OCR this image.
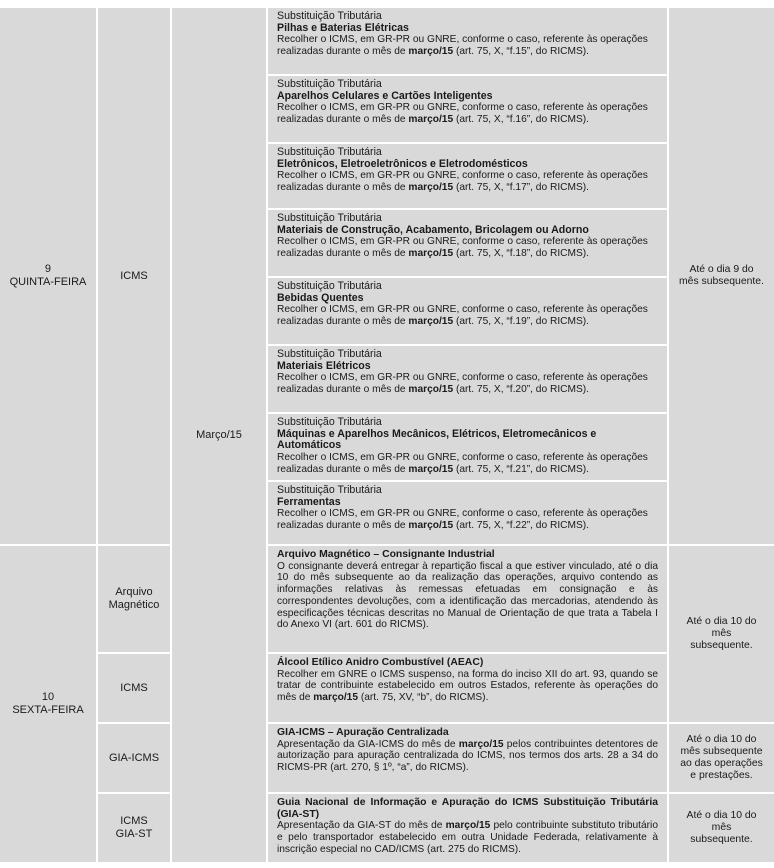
9
QUINTA-FEIRA
10
SEXTA-FEIRA
ICMS
Arquivo
Magnético
ICMS
GIA-ICMS
ICMS
GIA-ST
Março/15
Substituição Tributária
Pilhas e Baterias Elétricas
Recolher o ICMS, em GR-PR ou GNRE, conforme o caso, referente às operações realizadas durante o mês de março/15 (art. 75, X, “f.15”, do RICMS).
Substituição Tributária
Aparelhos Celulares e Cartões Inteligentes
Recolher o ICMS, em GR-PR ou GNRE, conforme o caso, referente às operações realizadas durante o mês de março/15 (art. 75, X, “f.16”, do RICMS).
Substituição Tributária
Eletrônicos, Eletroeletrônicos e Eletrodomésticos
Recolher o ICMS, em GR-PR ou GNRE, conforme o caso, referente às operações realizadas durante o mês de março/15 (art. 75, X, “f.17”, do RICMS).
Substituição Tributária
Materiais de Construção, Acabamento, Bricolagem ou Adorno
Recolher o ICMS, em GR-PR ou GNRE, conforme o caso, referente às operações realizadas durante o mês de março/15 (art. 75, X, “f.18”, do RICMS).
Substituição Tributária
Bebidas Quentes
Recolher o ICMS, em GR-PR ou GNRE, conforme o caso, referente às operações realizadas durante o mês de março/15 (art. 75, X, “f.19”, do RICMS).
Substituição Tributária
Materiais Elétricos
Recolher o ICMS, em GR-PR ou GNRE, conforme o caso, referente às operações realizadas durante o mês de março/15 (art. 75, X, “f.20”, do RICMS).
Substituição Tributária
Máquinas e Aparelhos Mecânicos, Elétricos, Eletromecânicos e Automáticos
Recolher o ICMS, em GR-PR ou GNRE, conforme o caso, referente às operações realizadas durante o mês de março/15 (art. 75, X, “f.21”, do RICMS).
Substituição Tributária
Ferramentas
Recolher o ICMS, em GR-PR ou GNRE, conforme o caso, referente às operações realizadas durante o mês de março/15 (art. 75, X, “f.22”, do RICMS).
Arquivo Magnético – Consignante Industrial
O consignante deverá entregar à repartição fiscal a que estiver vinculado, até o dia 10 do mês subsequente ao da realização das operações, arquivo contendo as informações relativas às remessas efetuadas em consignação e às correspondentes devoluções, com a identificação das mercadorias, atendendo às especificações técnicas descritas no Manual de Orientação de que trata a Tabela I do Anexo VI (art. 601 do RICMS).
Álcool Etílico Anidro Combustível (AEAC)
Recolher em GNRE o ICMS suspenso, na forma do inciso XII do art. 93, quando se tratar de contribuinte estabelecido em outros Estados, referente às operações do mês de março/15 (art. 75, XV, “b”, do RICMS).
GIA-ICMS – Apuração Centralizada
Apresentação da GIA-ICMS do mês de março/15 pelos contribuintes detentores de autorização para apuração centralizada do ICMS, nos termos dos arts. 28 a 34 do RICMS-PR (art. 270, § 1º, “a”, do RICMS).
Guia Nacional de Informação e Apuração do ICMS Substituição Tributária (GIA-ST)
Apresentação da GIA-ST do mês de março/15 pelo contribuinte substituto tributário e pelo transportador estabelecido em outra Unidade Federada, relativamente à inscrição especial no CAD/ICMS (art. 275 do RICMS).
Até o dia 9 do mês subsequente.
Até o dia 10 do mês subsequente.
Até o dia 10 do
mês subsequente
ao das operações
e prestações.
Até o dia 10 do mês subsequente.
